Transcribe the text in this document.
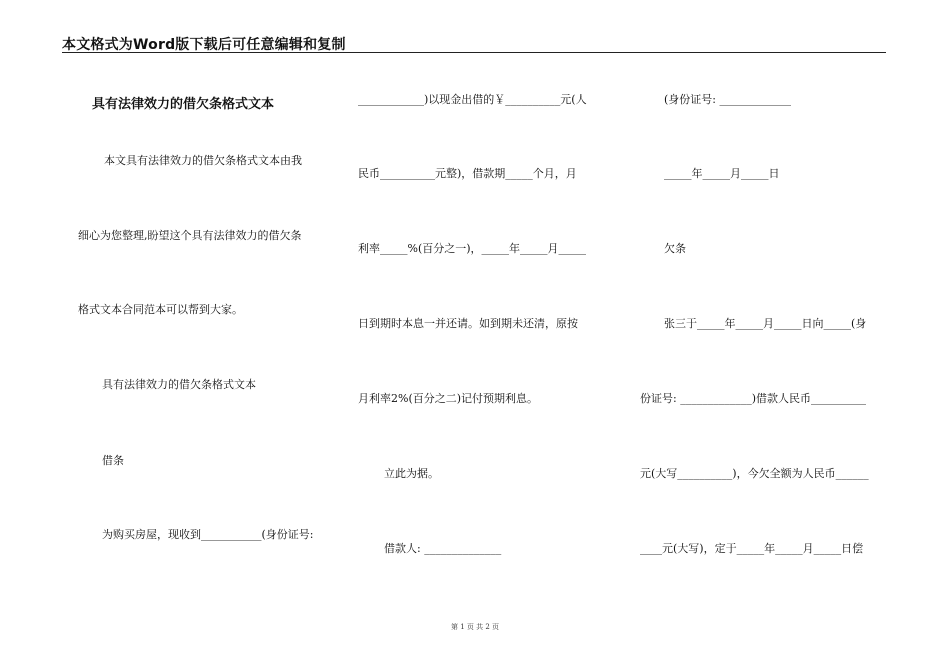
本文格式为Word版下载后可任意编辑和复制
具有法律效力的借欠条格式文本
本文具有法律效力的借欠条格式文本由我
细心为您整理,盼望这个具有法律效力的借欠条
格式文本合同范本可以帮到大家。
具有法律效力的借欠条格式文本
借条
为购买房屋，现收到___________(身份证号:
____________)以现金出借的￥__________元(人
民币__________元整)，借款期_____个月，月
利率_____%(百分之一)，_____年_____月_____
日到期时本息一并还请。如到期未还清，原按
月利率2%(百分之二)记付预期利息。
立此为据。
借款人: ______________
(身份证号: _____________
_____年_____月_____日
欠条
张三于_____年_____月_____日向_____(身
份证号: _____________)借款人民币__________
元(大写__________)，今欠全额为人民币______
____元(大写)，定于_____年_____月_____日偿
第 1 页 共 2 页
